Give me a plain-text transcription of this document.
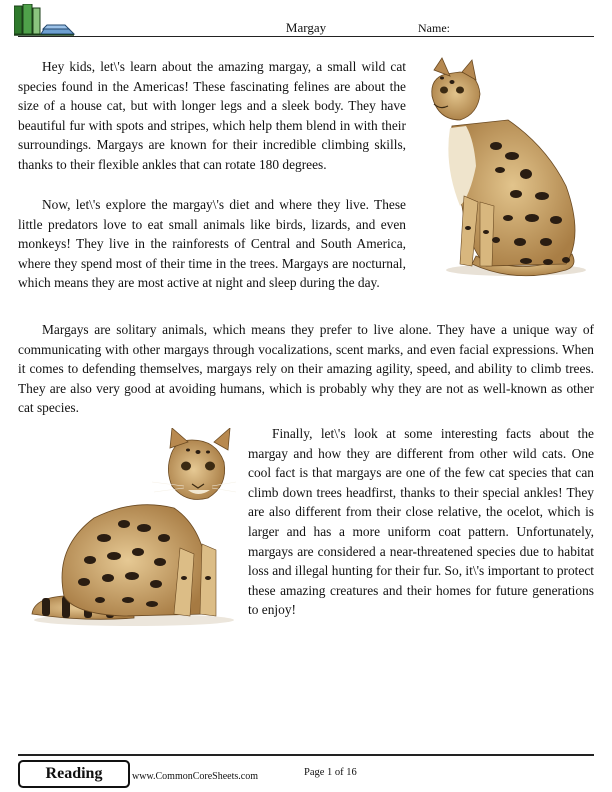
Margay	Name:

Hey kids, let\'s learn about the amazing margay, a small wild cat species found in the Americas! These fascinating felines are about the size of a house cat, but with longer legs and a sleek body. They have beautiful fur with spots and stripes, which help them blend in with their surroundings. Margays are known for their incredible climbing skills, thanks to their flexible ankles that can rotate 180 degrees.

Now, let\'s explore the margay\'s diet and where they live. These little predators love to eat small animals like birds, lizards, and even monkeys! They live in the rainforests of Central and South America, where they spend most of their time in the trees. Margays are nocturnal, which means they are most active at night and sleep during the day.

Margays are solitary animals, which means they prefer to live alone. They have a unique way of communicating with other margays through vocalizations, scent marks, and even facial expressions. When it comes to defending themselves, margays rely on their amazing agility, speed, and ability to climb trees. They are also very good at avoiding humans, which is probably why they are not as well-known as other cat species.

Finally, let\'s look at some interesting facts about the margay and how they are different from other wild cats. One cool fact is that margays are one of the few cat species that can climb down trees headfirst, thanks to their special ankles! They are also different from their close relative, the ocelot, which is larger and has a more uniform coat pattern. Unfortunately, margays are considered a near-threatened species due to habitat loss and illegal hunting for their fur. So, it\'s important to protect these amazing creatures and their homes for future generations to enjoy!

Reading	www.CommonCoreSheets.com	Page 1 of 16
